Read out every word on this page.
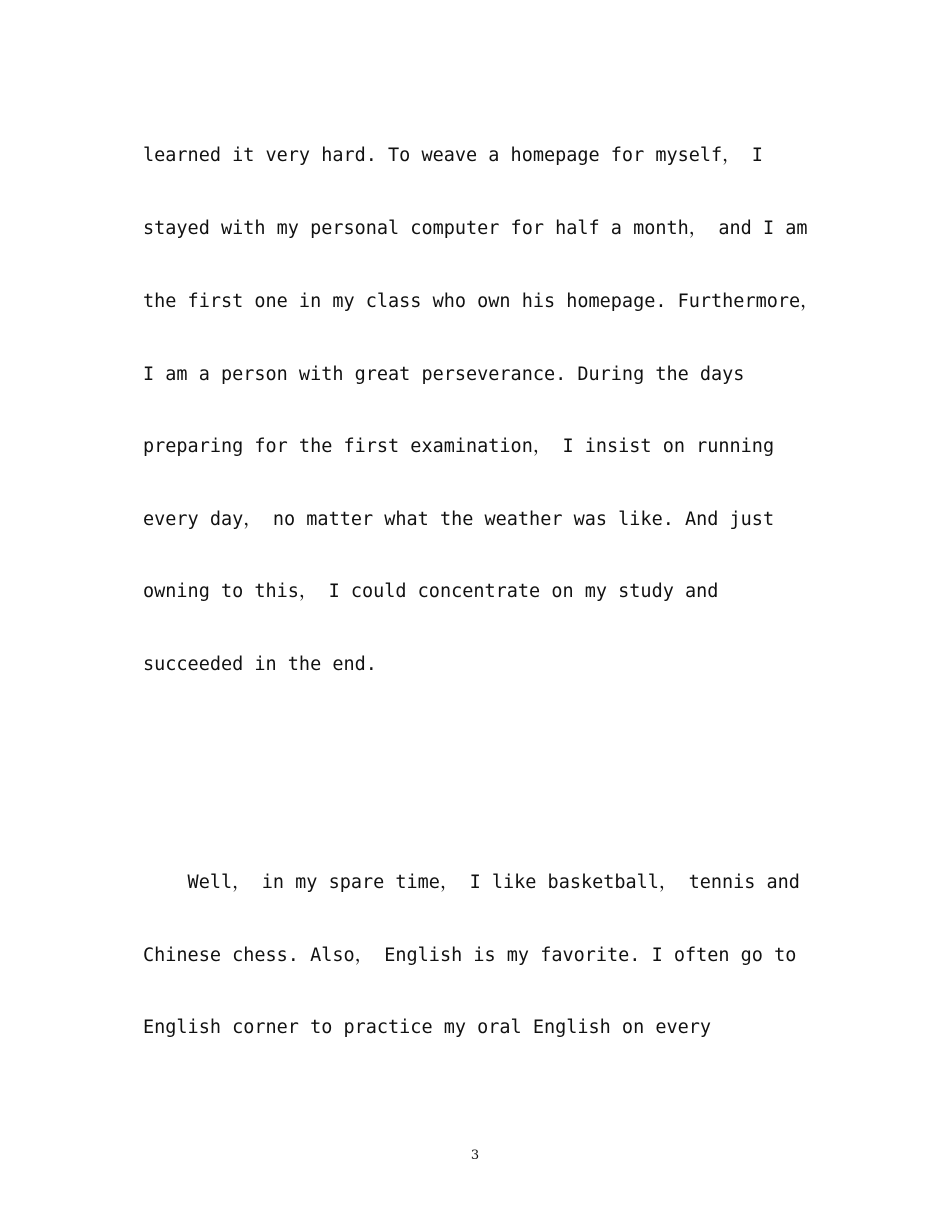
learned it very hard. To weave a homepage for myself， I
stayed with my personal computer for half a month， and I am
the first one in my class who own his homepage. Furthermore，
I am a person with great perseverance. During the days
preparing for the first examination， I insist on running
every day， no matter what the weather was like. And just
owning to this， I could concentrate on my study and
succeeded in the end.
Well， in my spare time， I like basketball， tennis and
Chinese chess. Also， English is my favorite. I often go to
English corner to practice my oral English on every
3
